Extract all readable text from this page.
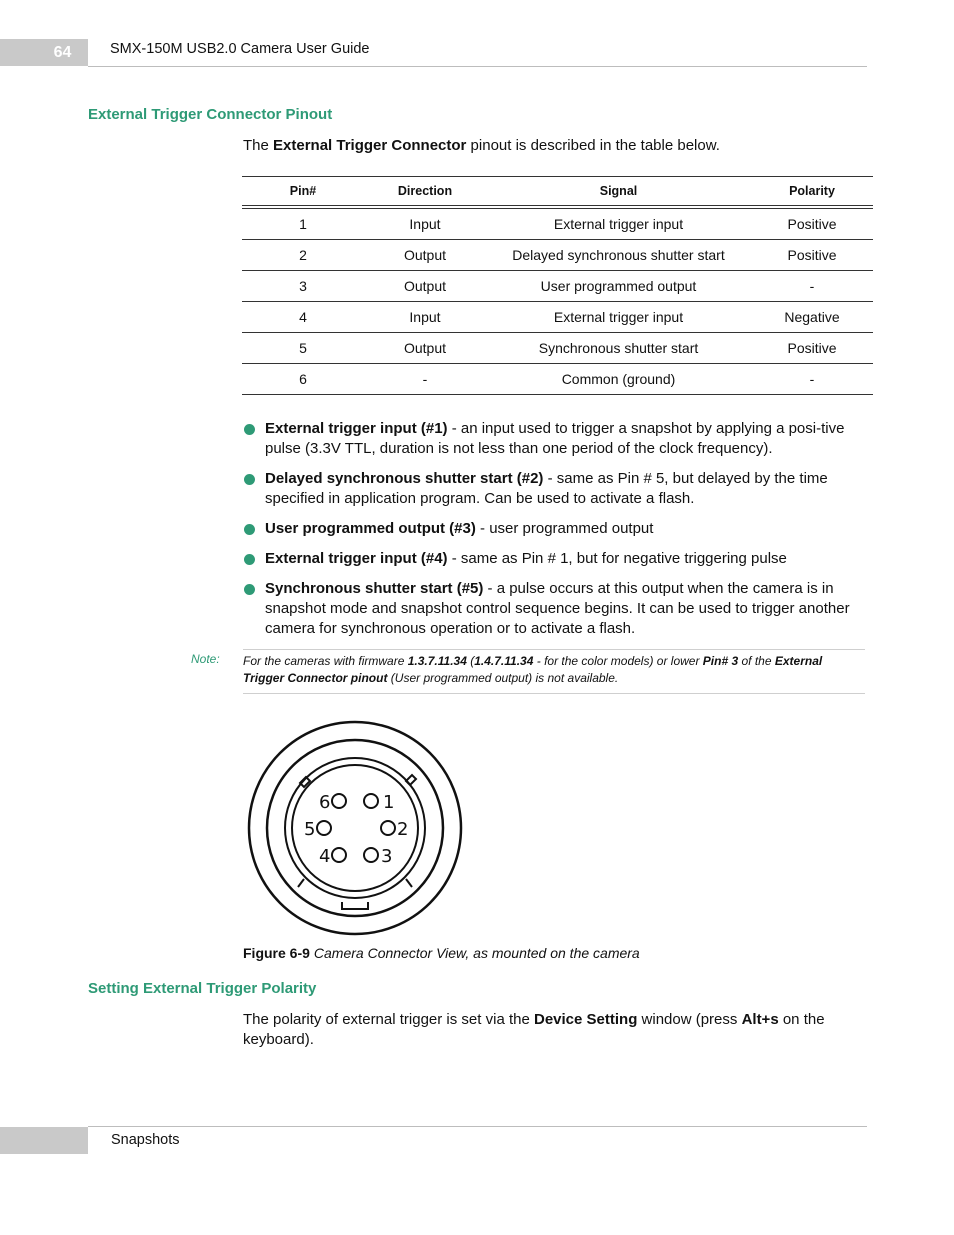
64	SMX-150M USB2.0 Camera User Guide
External Trigger Connector Pinout
The External Trigger Connector pinout is described in the table below.
Pin#	Direction	Signal	Polarity
1	Input	External trigger input	Positive
2	Output	Delayed synchronous shutter start	Positive
3	Output	User programmed output	-
4	Input	External trigger input	Negative
5	Output	Synchronous shutter start	Positive
6	-	Common (ground)	-
External trigger input (#1) - an input used to trigger a snapshot by applying a posi-tive pulse (3.3V TTL, duration is not less than one period of the clock frequency).
Delayed synchronous shutter start (#2) - same as Pin # 5, but delayed by the time specified in application program. Can be used to activate a flash.
User programmed output (#3) - user programmed output
External trigger input (#4) - same as Pin # 1, but for negative triggering pulse
Synchronous shutter start (#5) - a pulse occurs at this output when the camera is in snapshot mode and snapshot control sequence begins. It can be used to trigger another camera for synchronous operation or to activate a flash.
Note: For the cameras with firmware 1.3.7.11.34 (1.4.7.11.34 - for the color models) or lower Pin# 3 of the External Trigger Connector pinout (User programmed output) is not available.
1
2
3
4
5
6
Figure 6-9 Camera Connector View, as mounted on the camera
Setting External Trigger Polarity
The polarity of external trigger is set via the Device Setting window (press Alt+s on the keyboard).
Snapshots
